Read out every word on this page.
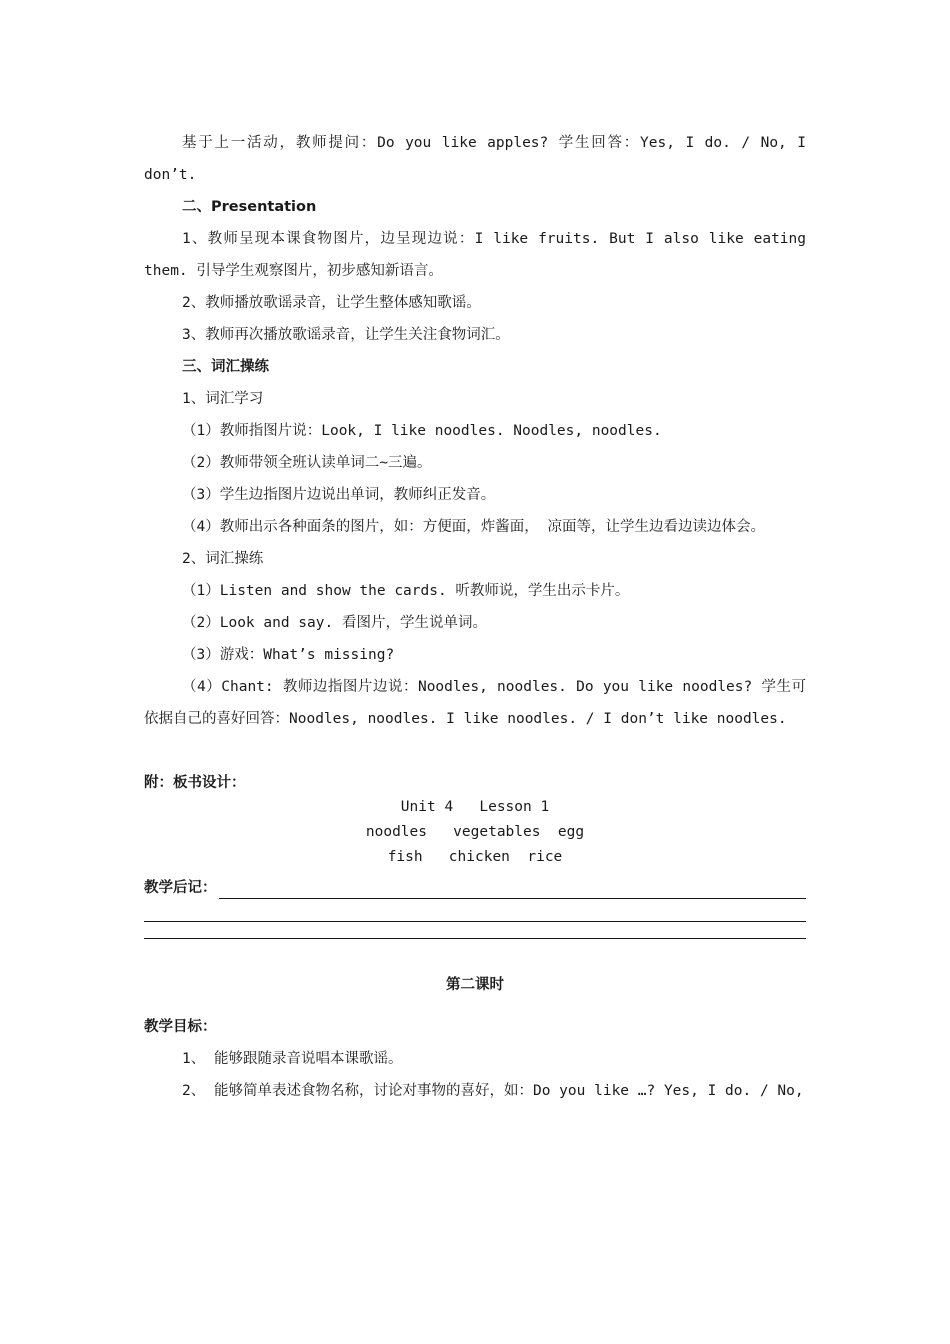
基于上一活动，教师提问：Do you like apples? 学生回答：Yes, I do. / No, I don’t.

二、Presentation

1、教师呈现本课食物图片，边呈现边说：I like fruits. But I also like eating them. 引导学生观察图片，初步感知新语言。

2、教师播放歌谣录音，让学生整体感知歌谣。

3、教师再次播放歌谣录音，让学生关注食物词汇。

三、词汇操练

1、词汇学习

（1）教师指图片说：Look, I like noodles. Noodles, noodles.

（2）教师带领全班认读单词二~三遍。

（3）学生边指图片边说出单词，教师纠正发音。

（4）教师出示各种面条的图片，如：方便面，炸酱面， 凉面等，让学生边看边读边体会。

2、词汇操练

（1）Listen and show the cards. 听教师说，学生出示卡片。

（2）Look and say. 看图片，学生说单词。

（3）游戏：What’s missing?

（4）Chant: 教师边指图片边说：Noodles, noodles. Do you like noodles? 学生可依据自己的喜好回答：Noodles, noodles. I like noodles. / I don’t like noodles.

附：板书设计：

Unit 4   Lesson 1

noodles   vegetables  egg

fish   chicken  rice

教学后记：

第二课时

教学目标：

1、 能够跟随录音说唱本课歌谣。
2、 能够简单表述食物名称，讨论对事物的喜好，如：Do you like …? Yes, I do. / No,
